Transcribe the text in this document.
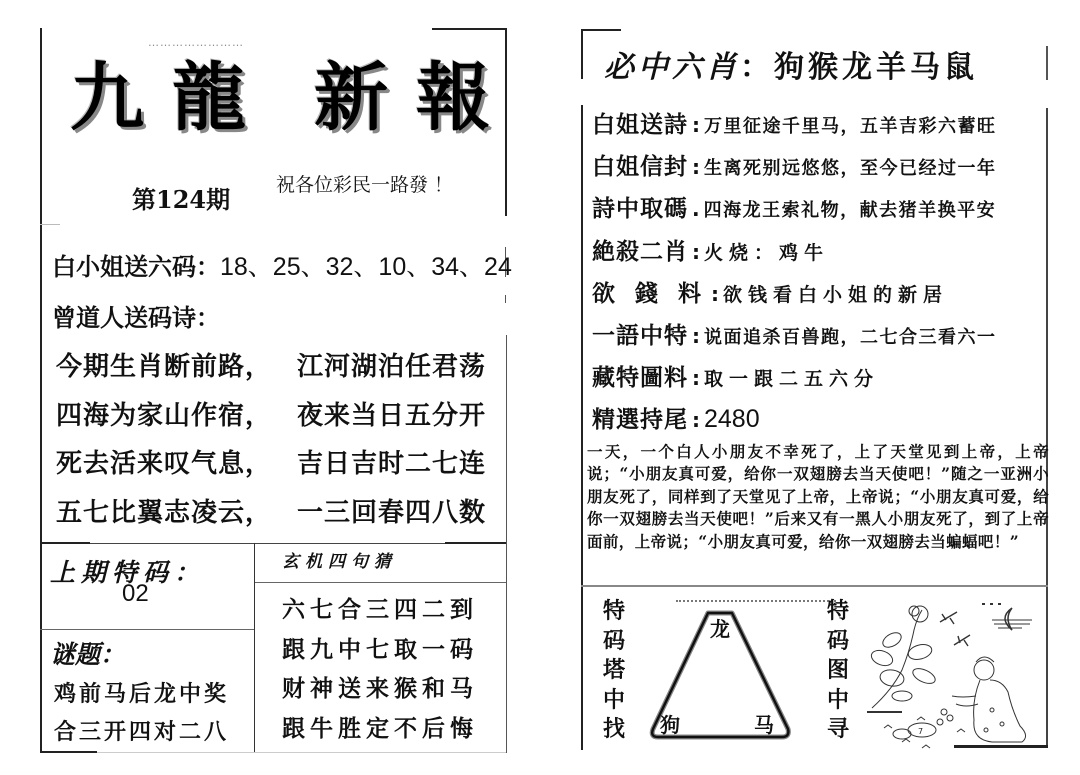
……………………
九 龍 新 報
第124期 祝各位彩民一路發 ！
白小姐送六码：18、25、32、10、34、24
曾道人送码诗：
今期生肖断前路， 江河湖泊任君荡
四海为家山作宿， 夜来当日五分开
死去活来叹气息， 吉日吉时二七连
五七比翼志凌云， 一三回春四八数
上期特码：
02
谜题：
鸡前马后龙中奖
合三开四对二八
玄机四句猜
六七合三四二到
跟九中七取一码
财神送来猴和马
跟牛胜定不后悔
必中六肖：狗猴龙羊马鼠
白姐送詩 : 万里征途千里马，五羊吉彩六蓄旺
白姐信封 : 生离死别远悠悠，至今已经过一年
詩中取碼 . 四海龙王索礼物，献去猪羊换平安
絶殺二肖 : 火烧：鸡牛
欲 錢 料 : 欲钱看白小姐的新居
一語中特 : 说面追杀百兽跑，二七合三看六一
藏特圖料 : 取一跟二五六分
精選持尾 : 2480
一天，一个白人小朋友不幸死了，上了天堂见到上帝，上帝说；“小朋友真可爱，给你一双翅膀去当天使吧！”随之一亚洲小朋友死了，同样到了天堂见了上帝，上帝说；“小朋友真可爱，给你一双翅膀去当天使吧！”后来又有一黑人小朋友死了，到了上帝面前，上帝说；“小朋友真可爱，给你一双翅膀去当蝙蝠吧！”
特
码
塔
中
找
龙
狗	马
特
码
图
中
寻	7
